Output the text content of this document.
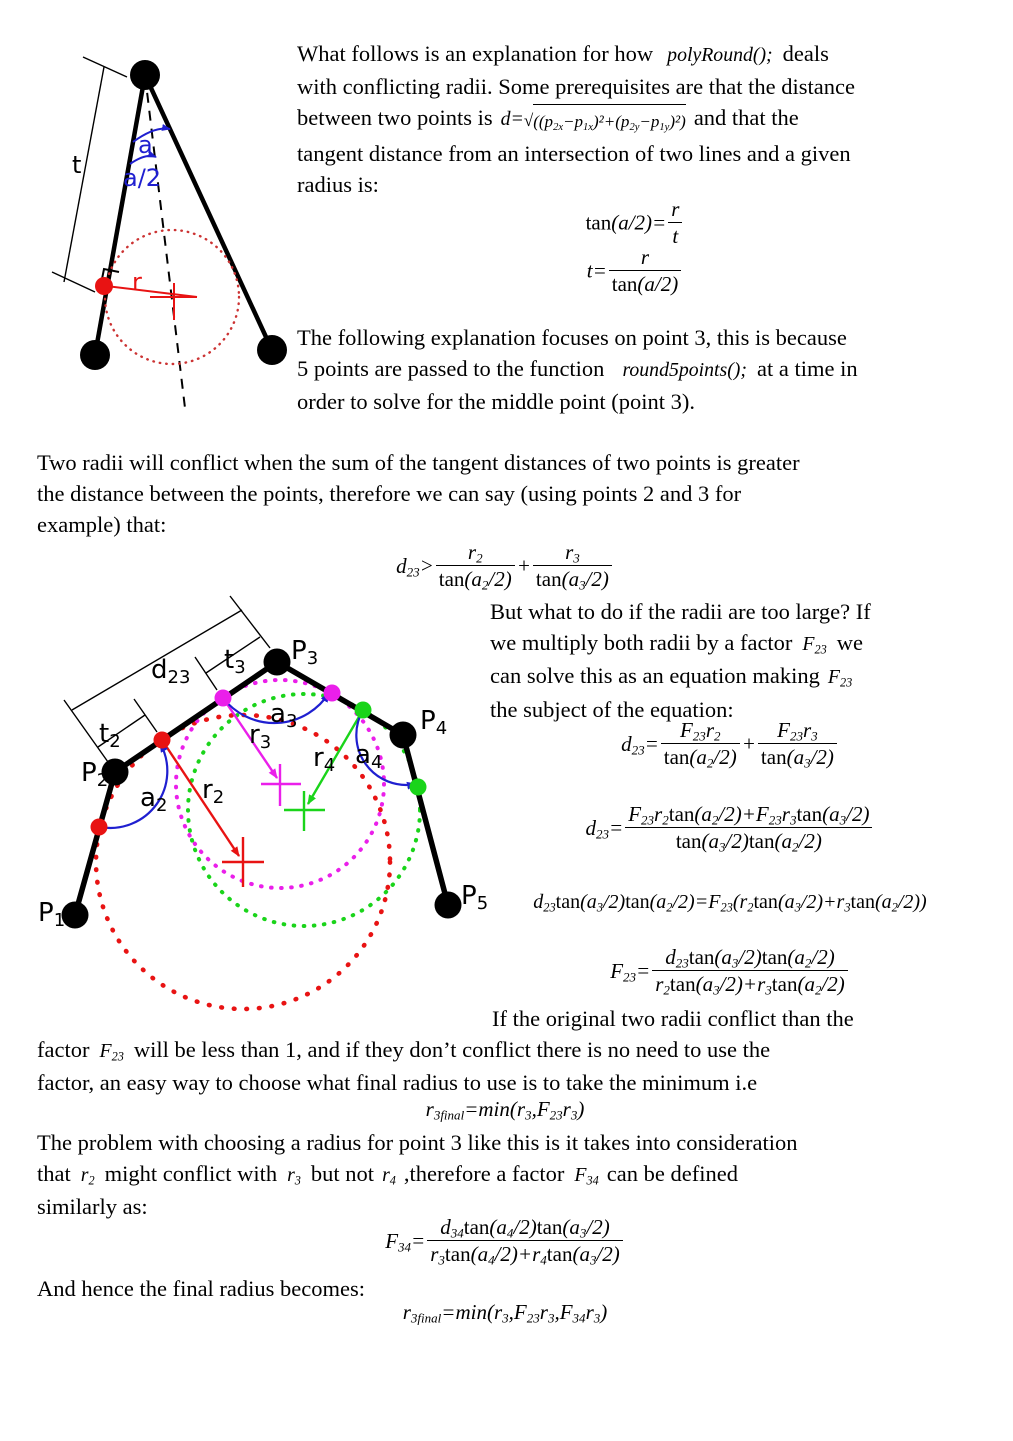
t
a
a/2
r
P1
P2
P3
P4
P5
d23
t2
t3
a2
a3
a4
r2
r3
r4
What follows is an explanation for how polyRound(); deals
with conflicting radii. Some prerequisites are that the distance
between two points is d= √ $((p_{2x}-p_{1x})^2+(p_{2y}-p_{1y})^2)$ and that the
tangent distance from an intersection of two lines and a given
radius is:
The following explanation focuses on point 3, this is because
5 points are passed to the function round5points(); at a time in
order to solve for the middle point (point 3).
Two radii will conflict when the sum of the tangent distances of two points is greater
the distance between the points, therefore we can say (using points 2 and 3 for
example) that:
But what to do if the radii are too large? If
we multiply both radii by a factor $F_{23}$ we
can solve this as an equation making $F_{23}$
the subject of the equation:
If the original two radii conflict than the
factor $F_{23}$ will be less than 1, and if they don’t conflict there is no need to use the
factor, an easy way to choose what final radius to use is to take the minimum i.e
The problem with choosing a radius for point 3 like this is it takes into consideration
that $r_2$ might conflict with $r_3$ but not $r_4$ ,therefore a factor $F_{34}$ can be defined
similarly as:
And hence the final radius becomes:
$\tan(a/2)= \frac{r}{t}$
$t= \frac{r}{\tan(a/2)}$
$d_{23}> \frac{r_2}{\tan(a_2/2)} + \frac{r_3}{\tan(a_3/2)}$
$d_{23}= \frac{F_{23}r_2}{\tan(a_2/2)} + \frac{F_{23}r_3}{\tan(a_3/2)}$
$d_{23}= \frac{F_{23}r_2\tan(a_2/2)+F_{23}r_3\tan(a_3/2)}{\tan(a_3/2)\tan(a_2/2)}$
$d_{23}\tan(a_3/2)\tan(a_2/2)=F_{23}(r_2\tan(a_3/2)+r_3\tan(a_2/2))$
$F_{23}= \frac{d_{23}\tan(a_3/2)\tan(a_2/2)}{r_2\tan(a_3/2)+r_3\tan(a_2/2)}$
$r_{3final}=\min(r_3,F_{23}r_3)$
$F_{34}= \frac{d_{34}\tan(a_4/2)\tan(a_3/2)}{r_3\tan(a_4/2)+r_4\tan(a_3/2)}$
$r_{3final}=\min(r_3,F_{23}r_3,F_{34}r_3)$
